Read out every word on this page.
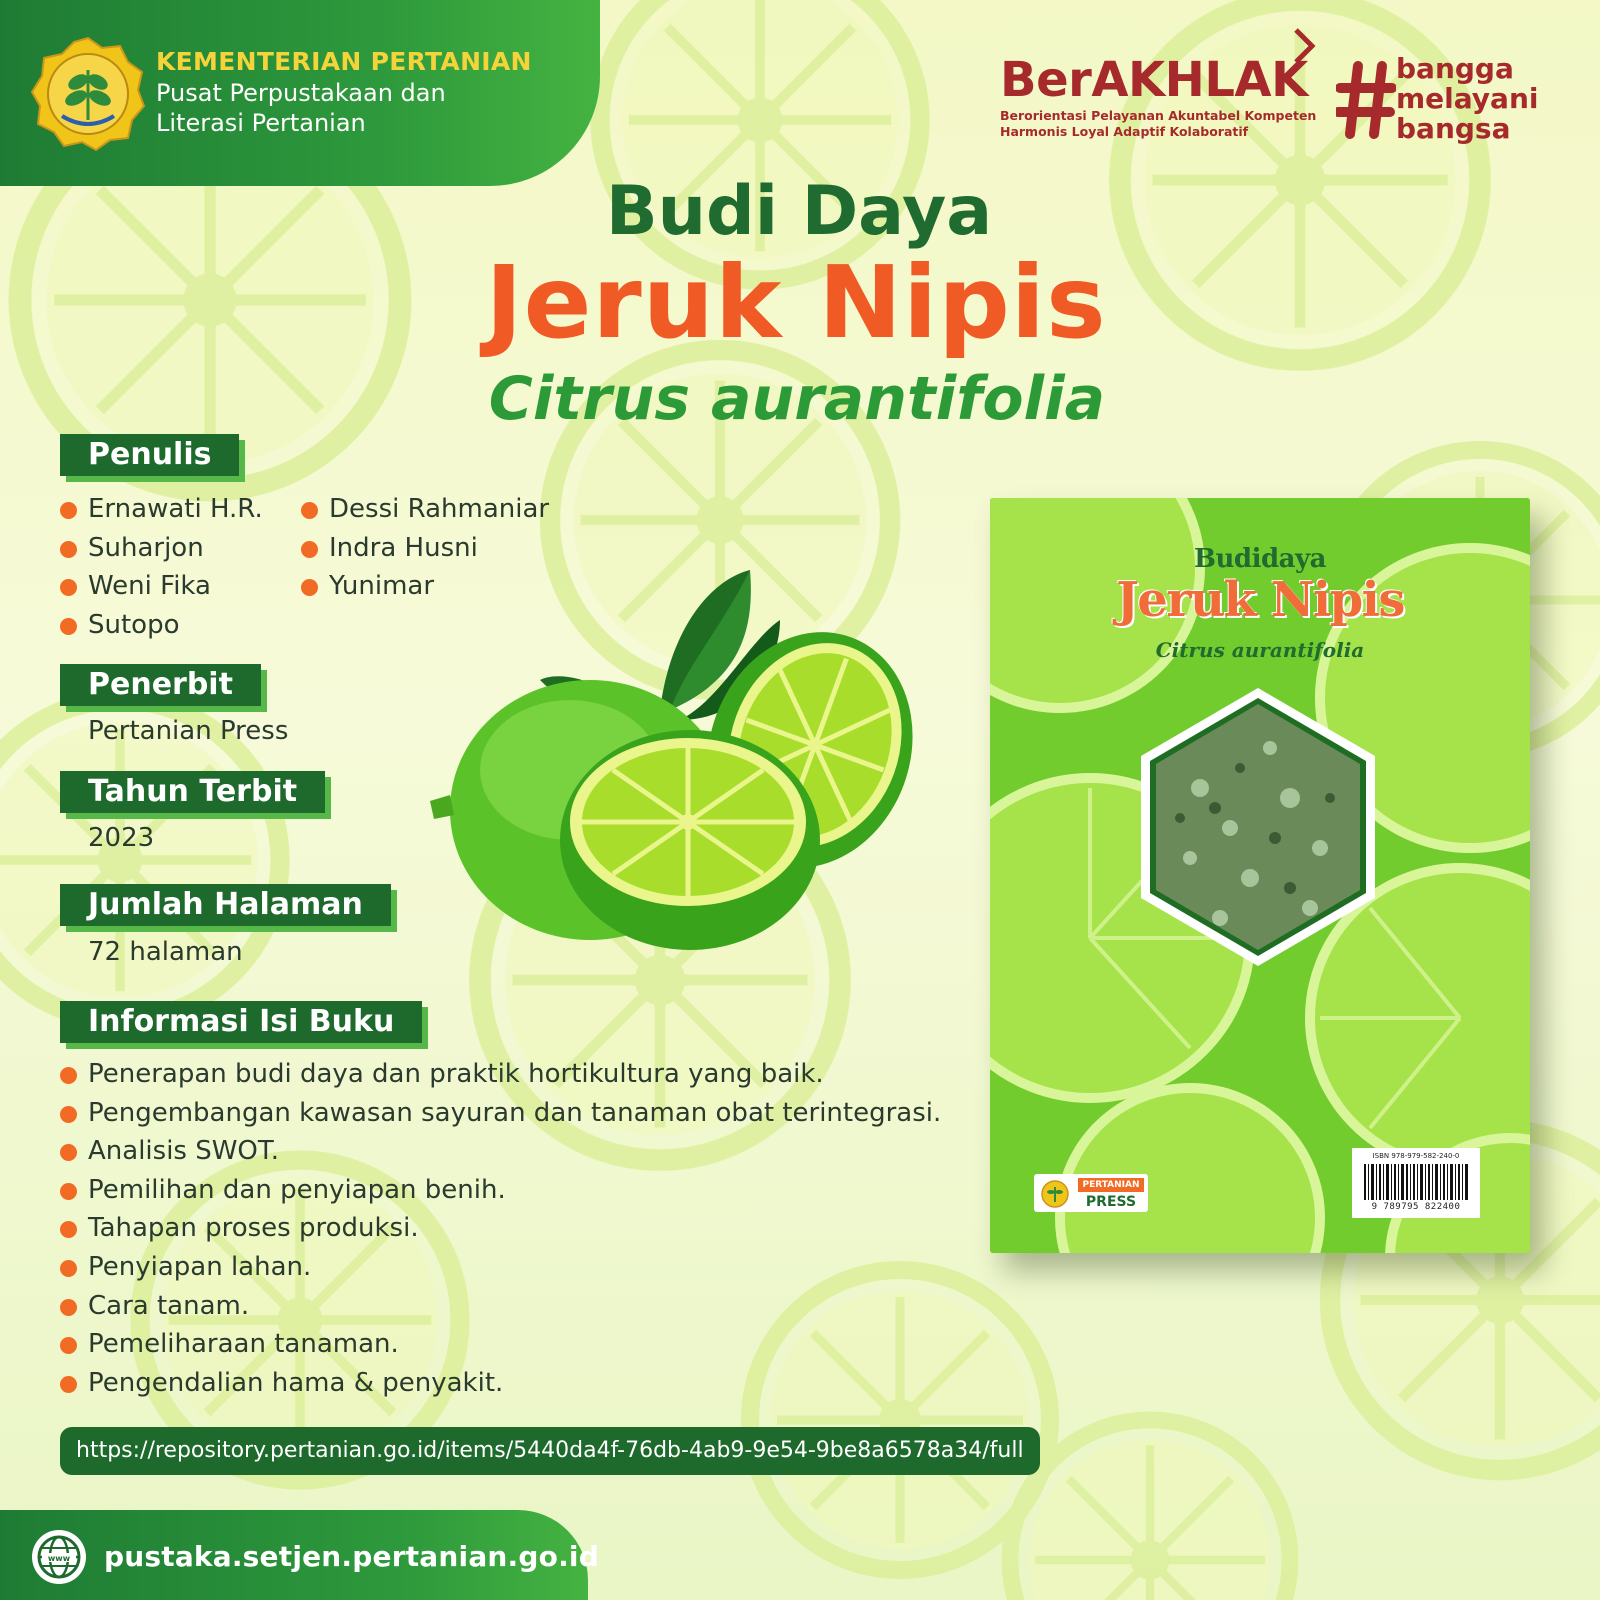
KEMENTERIAN PERTANIAN
Pusat Perpustakaan dan
Literasi Pertanian
BerAKHLAK
Berorientasi Pelayanan Akuntabel Kompeten
Harmonis Loyal Adaptif Kolaboratif
bangga
melayani
bangsa
Budi Daya
Jeruk Nipis
Citrus aurantifolia
Penulis
Ernawati H.R.
Suharjon
Weni Fika
Sutopo
Dessi Rahmaniar
Indra Husni
Yunimar
Penerbit
Pertanian Press
Tahun Terbit
2023
Jumlah Halaman
72 halaman
Informasi Isi Buku
Penerapan budi daya dan praktik hortikultura yang baik.
Pengembangan kawasan sayuran dan tanaman obat terintegrasi.
Analisis SWOT.
Pemilihan dan penyiapan benih.
Tahapan proses produksi.
Penyiapan lahan.
Cara tanam.
Pemeliharaan tanaman.
Pengendalian hama & penyakit.
Budidaya
Jeruk Nipis
Citrus aurantifolia
PERTANIAN
PRESS
ISBN 978-979-582-240-0
9 789795 822400
https://repository.pertanian.go.id/items/5440da4f-76db-4ab9-9e54-9be8a6578a34/full
www pustaka.setjen.pertanian.go.id
